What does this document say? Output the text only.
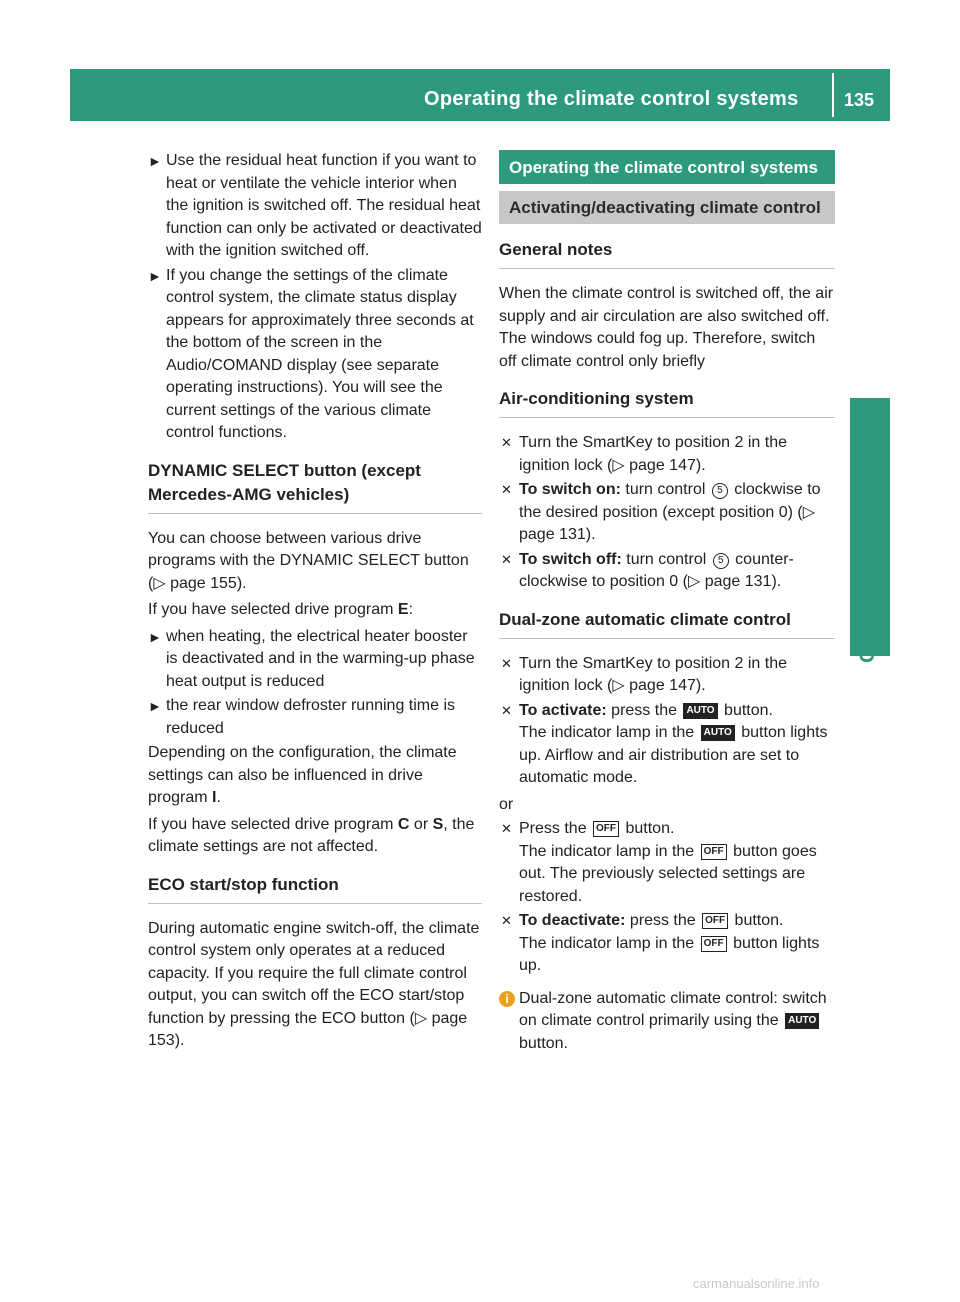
Operating the climate control systems	135
Climate control
► Use the residual heat function if you want to heat or ventilate the vehicle interior when the ignition is switched off. The residual heat function can only be activated or deactivated with the ignition switched off.
► If you change the settings of the climate control system, the climate status display appears for approximately three seconds at the bottom of the screen in the Audio/COMAND display (see separate operating instructions). You will see the current settings of the various climate control functions.
DYNAMIC SELECT button (except Mercedes-AMG vehicles)

You can choose between various drive programs with the DYNAMIC SELECT button (▷ page 155).

If you have selected drive program E:

► when heating, the electrical heater booster is deactivated and in the warming-up phase heat output is reduced
► the rear window defroster running time is reduced

Depending on the configuration, the climate settings can also be influenced in drive program I.

If you have selected drive program C or S, the climate settings are not affected.

ECO start/stop function

During automatic engine switch-off, the climate control system only operates at a reduced capacity. If you require the full climate control output, you can switch off the ECO start/stop function by pressing the ECO button (▷ page 153).

Operating the climate control systems
Activating/deactivating climate control
General notes

When the climate control is switched off, the air supply and air circulation are also switched off. The windows could fog up. Therefore, switch off climate control only briefly

Air-conditioning system
✕ Turn the SmartKey to position 2 in the ignition lock (▷ page 147).
✕ To switch on: turn control 5 clockwise to the desired position (except position 0) (▷ page 131).
✕ To switch off: turn control 5 counter-clockwise to position 0 (▷ page 131).
Dual-zone automatic climate control
✕ Turn the SmartKey to position 2 in the ignition lock (▷ page 147).
✕ To activate: press the AUTO button.
The indicator lamp in the AUTO button lights up. Airflow and air distribution are set to automatic mode.
or
✕ Press the OFF button.
The indicator lamp in the OFF button goes out. The previously selected settings are restored.
✕ To deactivate: press the OFF button.
The indicator lamp in the OFF button lights up.
i Dual-zone automatic climate control: switch on climate control primarily using the AUTO button.
carmanualsonline.info
